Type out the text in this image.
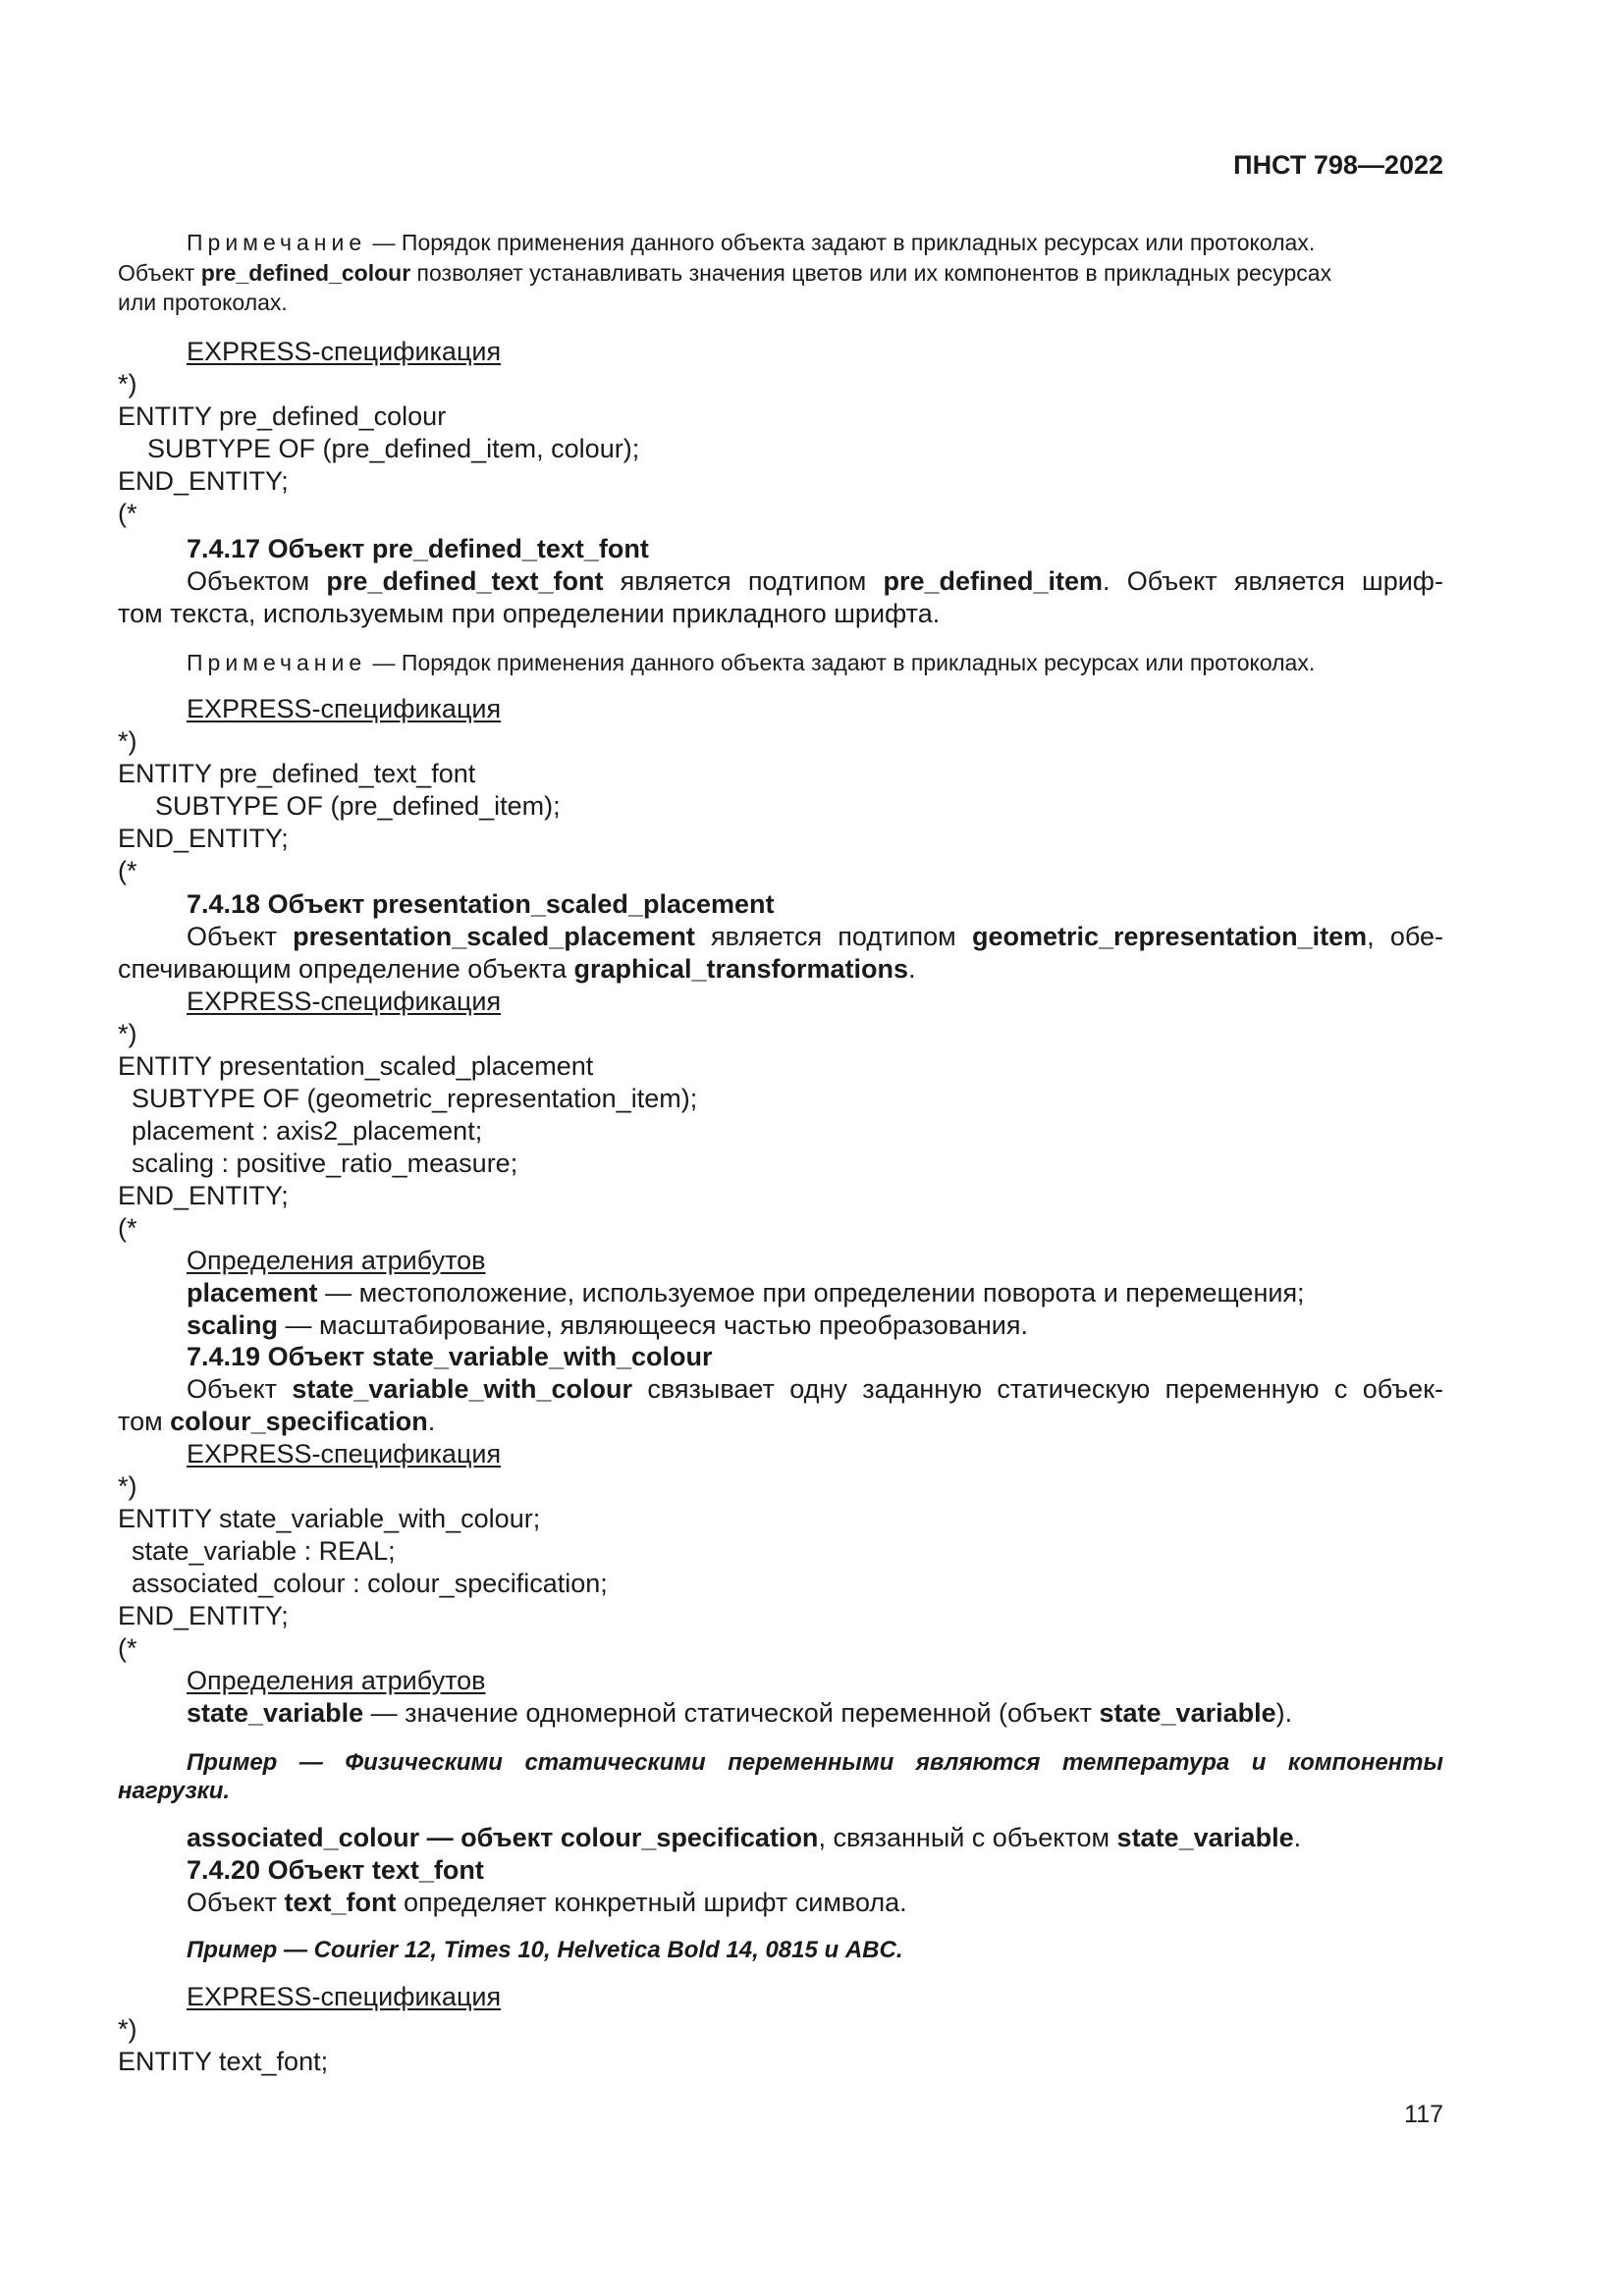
ПНСТ 798—2022
Примечание — Порядок применения данного объекта задают в прикладных ресурсах или протоколах.
Объект pre_defined_colour позволяет устанавливать значения цветов или их компонентов в прикладных ресурсах
или протоколах.
EXPRESS-спецификация
*)
ENTITY pre_defined_colour
SUBTYPE OF (pre_defined_item, colour);
END_ENTITY;
(*
7.4.17 Объект pre_defined_text_font
Объектом pre_defined_text_font является подтипом pre_defined_item. Объект является шриф-
том текста, используемым при определении прикладного шрифта.
Примечание — Порядок применения данного объекта задают в прикладных ресурсах или протоколах.
EXPRESS-спецификация
*)
ENTITY pre_defined_text_font
SUBTYPE OF (pre_defined_item);
END_ENTITY;
(*
7.4.18 Объект presentation_scaled_placement
Объект presentation_scaled_placement является подтипом geometric_representation_item, обе-
спечивающим определение объекта graphical_transformations.
EXPRESS-спецификация
*)
ENTITY presentation_scaled_placement
SUBTYPE OF (geometric_representation_item);
placement : axis2_placement;
scaling : positive_ratio_measure;
END_ENTITY;
(*
Определения атрибутов
placement — местоположение, используемое при определении поворота и перемещения;
scaling — масштабирование, являющееся частью преобразования.
7.4.19 Объект state_variable_with_colour
Объект state_variable_with_colour связывает одну заданную статическую переменную с объек-
том colour_specification.
EXPRESS-спецификация
*)
ENTITY state_variable_with_colour;
state_variable : REAL;
associated_colour : colour_specification;
END_ENTITY;
(*
Определения атрибутов
state_variable — значение одномерной статической переменной (объект state_variable).
Пример — Физическими статическими переменными являются температура и компоненты
нагрузки.
associated_colour — объект colour_specification, связанный с объектом state_variable.
7.4.20 Объект text_font
Объект text_font определяет конкретный шрифт символа.
Пример — Courier 12, Times 10, Helvetica Bold 14, 0815 и ABC.
EXPRESS-спецификация
*)
ENTITY text_font;
117
